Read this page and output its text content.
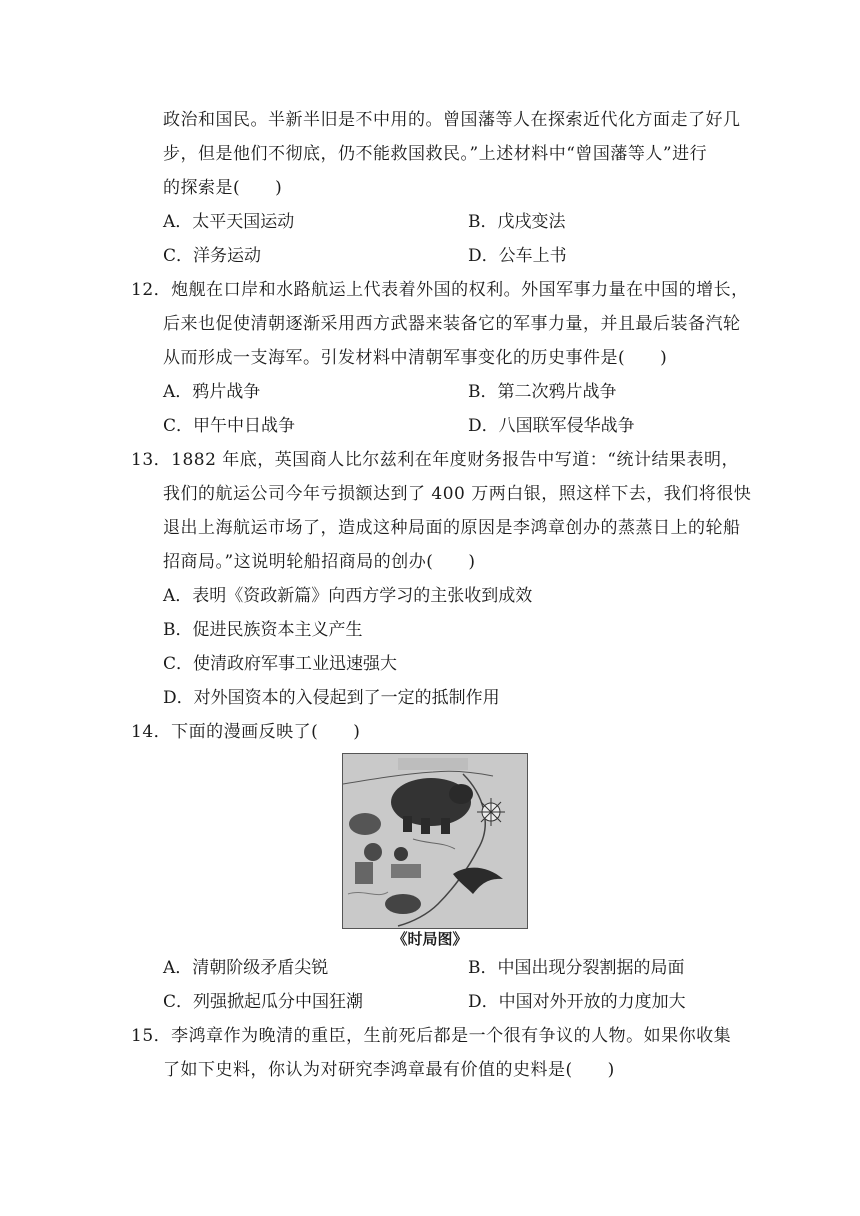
政治和国民。半新半旧是不中用的。曾国藩等人在探索近代化方面走了好几
步，但是他们不彻底，仍不能救国救民。”上述材料中“曾国藩等人”进行
的探索是(　　)
A．太平天国运动	B．戊戌变法
C．洋务运动	D．公车上书
12．炮舰在口岸和水路航运上代表着外国的权利。外国军事力量在中国的增长，
后来也促使清朝逐渐采用西方武器来装备它的军事力量，并且最后装备汽轮
从而形成一支海军。引发材料中清朝军事变化的历史事件是(　　)
A．鸦片战争	B．第二次鸦片战争
C．甲午中日战争	D．八国联军侵华战争
13．1882 年底，英国商人比尔兹利在年度财务报告中写道：“统计结果表明，
我们的航运公司今年亏损额达到了 400 万两白银，照这样下去，我们将很快
退出上海航运市场了，造成这种局面的原因是李鸿章创办的蒸蒸日上的轮船
招商局。”这说明轮船招商局的创办(　　)
A．表明《资政新篇》向西方学习的主张收到成效
B．促进民族资本主义产生
C．使清政府军事工业迅速强大
D．对外国资本的入侵起到了一定的抵制作用
14．下面的漫画反映了(　　)
《时局图》
A．清朝阶级矛盾尖锐	B．中国出现分裂割据的局面
C．列强掀起瓜分中国狂潮	D．中国对外开放的力度加大
15．李鸿章作为晚清的重臣，生前死后都是一个很有争议的人物。如果你收集
了如下史料，你认为对研究李鸿章最有价值的史料是(　　)
